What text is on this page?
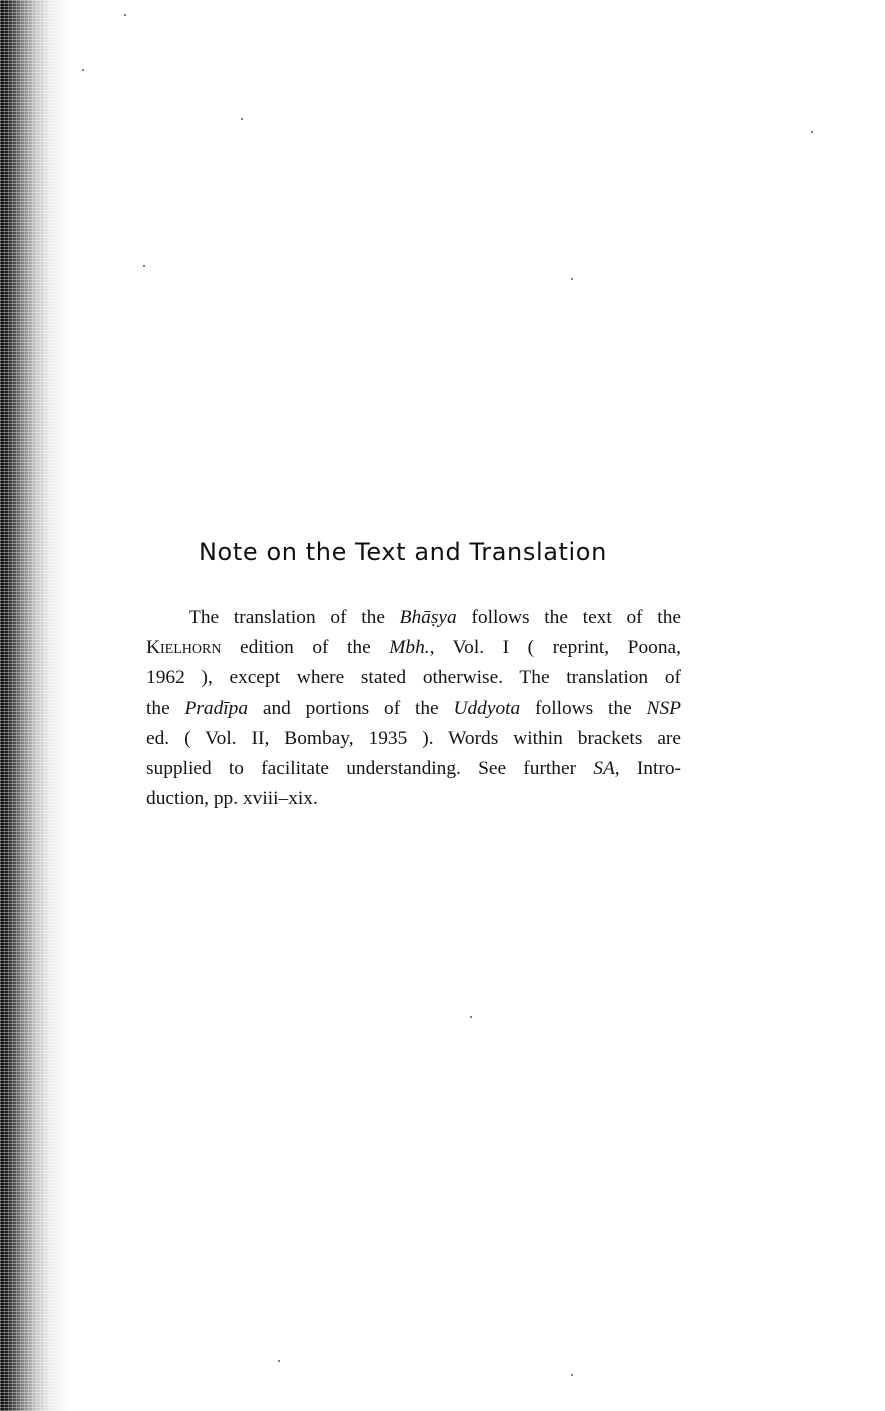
Note on the Text and Translation
The translation of the Bhāṣya follows the text of the
Kielhorn edition of the Mbh., Vol. I ( reprint, Poona,
1962 ), except where stated otherwise. The translation of
the Pradīpa and portions of the Uddyota follows the NSP
ed. ( Vol. II, Bombay, 1935 ). Words within brackets are
supplied to facilitate understanding. See further SA, Intro-
duction, pp. xviii–xix.
